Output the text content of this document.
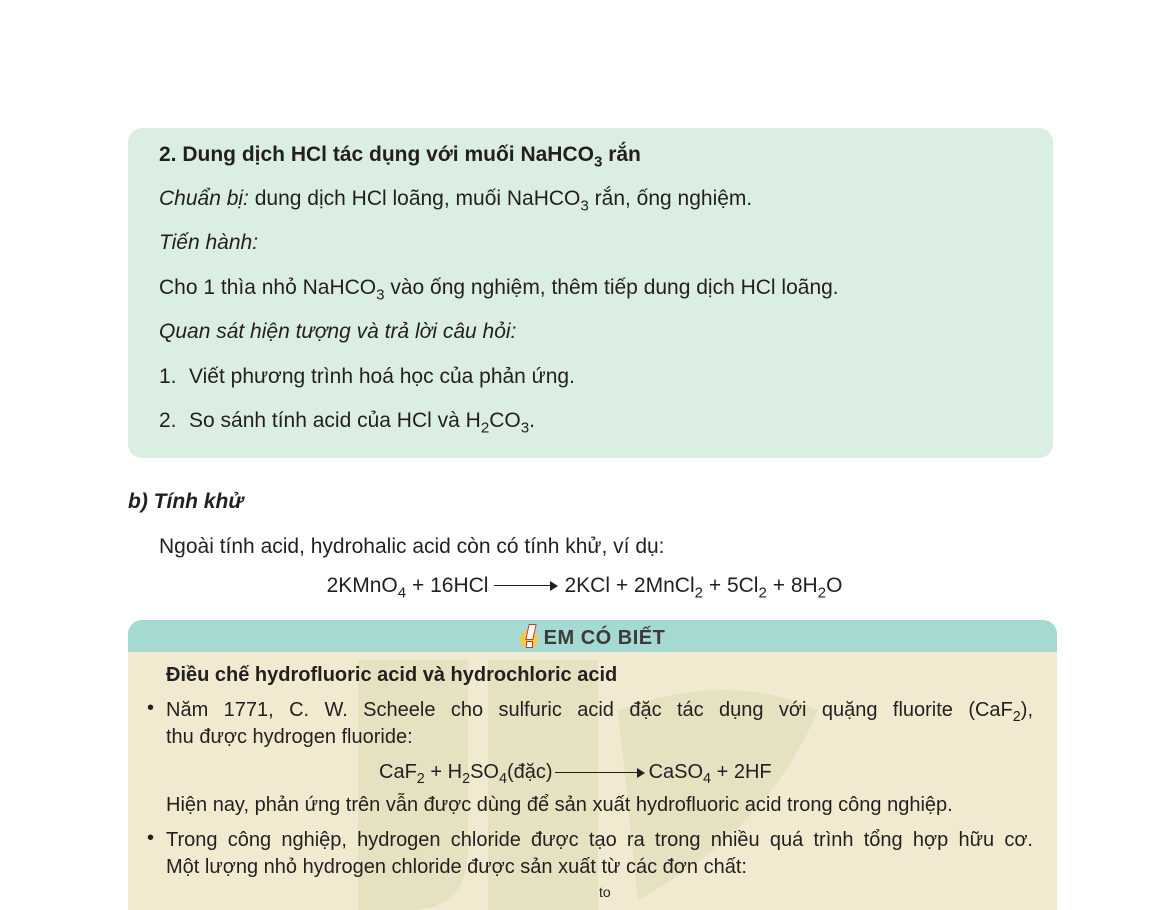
2. Dung dịch HCl tác dụng với muối NaHCO$_3$ rắn
Chuẩn bị: dung dịch HCl loãng, muối NaHCO$_3$ rắn, ống nghiệm.
Tiến hành:
Cho 1 thìa nhỏ NaHCO$_3$ vào ống nghiệm, thêm tiếp dung dịch HCl loãng.
Quan sát hiện tượng và trả lời câu hỏi:
1. Viết phương trình hoá học của phản ứng.
2. So sánh tính acid của HCl và $H_2CO_3$.
b) Tính khử
Ngoài tính acid, hydrohalic acid còn có tính khử, ví dụ:
2KMnO$_4$ + 16HCl	2KCl + 2MnCl$_2$ + $5Cl_2 + 8H_2O$
EM CÓ BIẾT
Điều chế hydrofluoric acid và hydrochloric acid
• Năm 1771, C. W. Scheele cho sulfuric acid đặc tác dụng với quặng fluorite (CaF$_2$),
thu được hydrogen fluoride:
$CaF_2 + H_2SO_4(đặc)$	CaSO$_4$ + 2HF
Hiện nay, phản ứng trên vẫn được dùng để sản xuất hydrofluoric acid trong công nghiệp.
• Trong công nghiệp, hydrogen chloride được tạo ra trong nhiều quá trình tổng hợp hữu cơ.
Một lượng nhỏ hydrogen chloride được sản xuất từ các đơn chất:
to
